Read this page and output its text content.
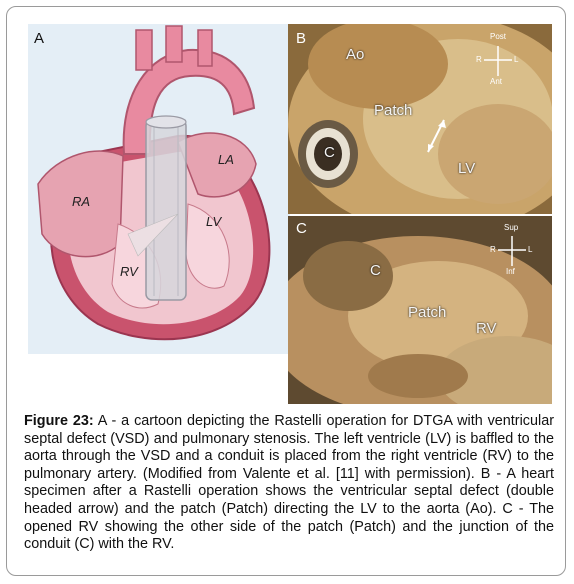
A
RA
LA
LV
RV
B
Ao
Patch
C
LV
Post
Ant
R	L
C
C
Patch
RV
Sup
Inf
R	L
Figure 23: A - a cartoon depicting the Rastelli operation for DTGA with ventricular septal defect (VSD) and pulmonary stenosis. The left ventricle (LV) is baffled to the aorta through the VSD and a conduit is placed from the right ventricle (RV) to the pulmonary artery. (Modified from Valente et al. [11] with permission). B - A heart specimen after a Rastelli operation shows the ventricular septal defect (double headed arrow) and the patch (Patch) directing the LV to the aorta (Ao). C - The opened RV showing the other side of the patch (Patch) and the junction of the conduit (C) with the RV.
